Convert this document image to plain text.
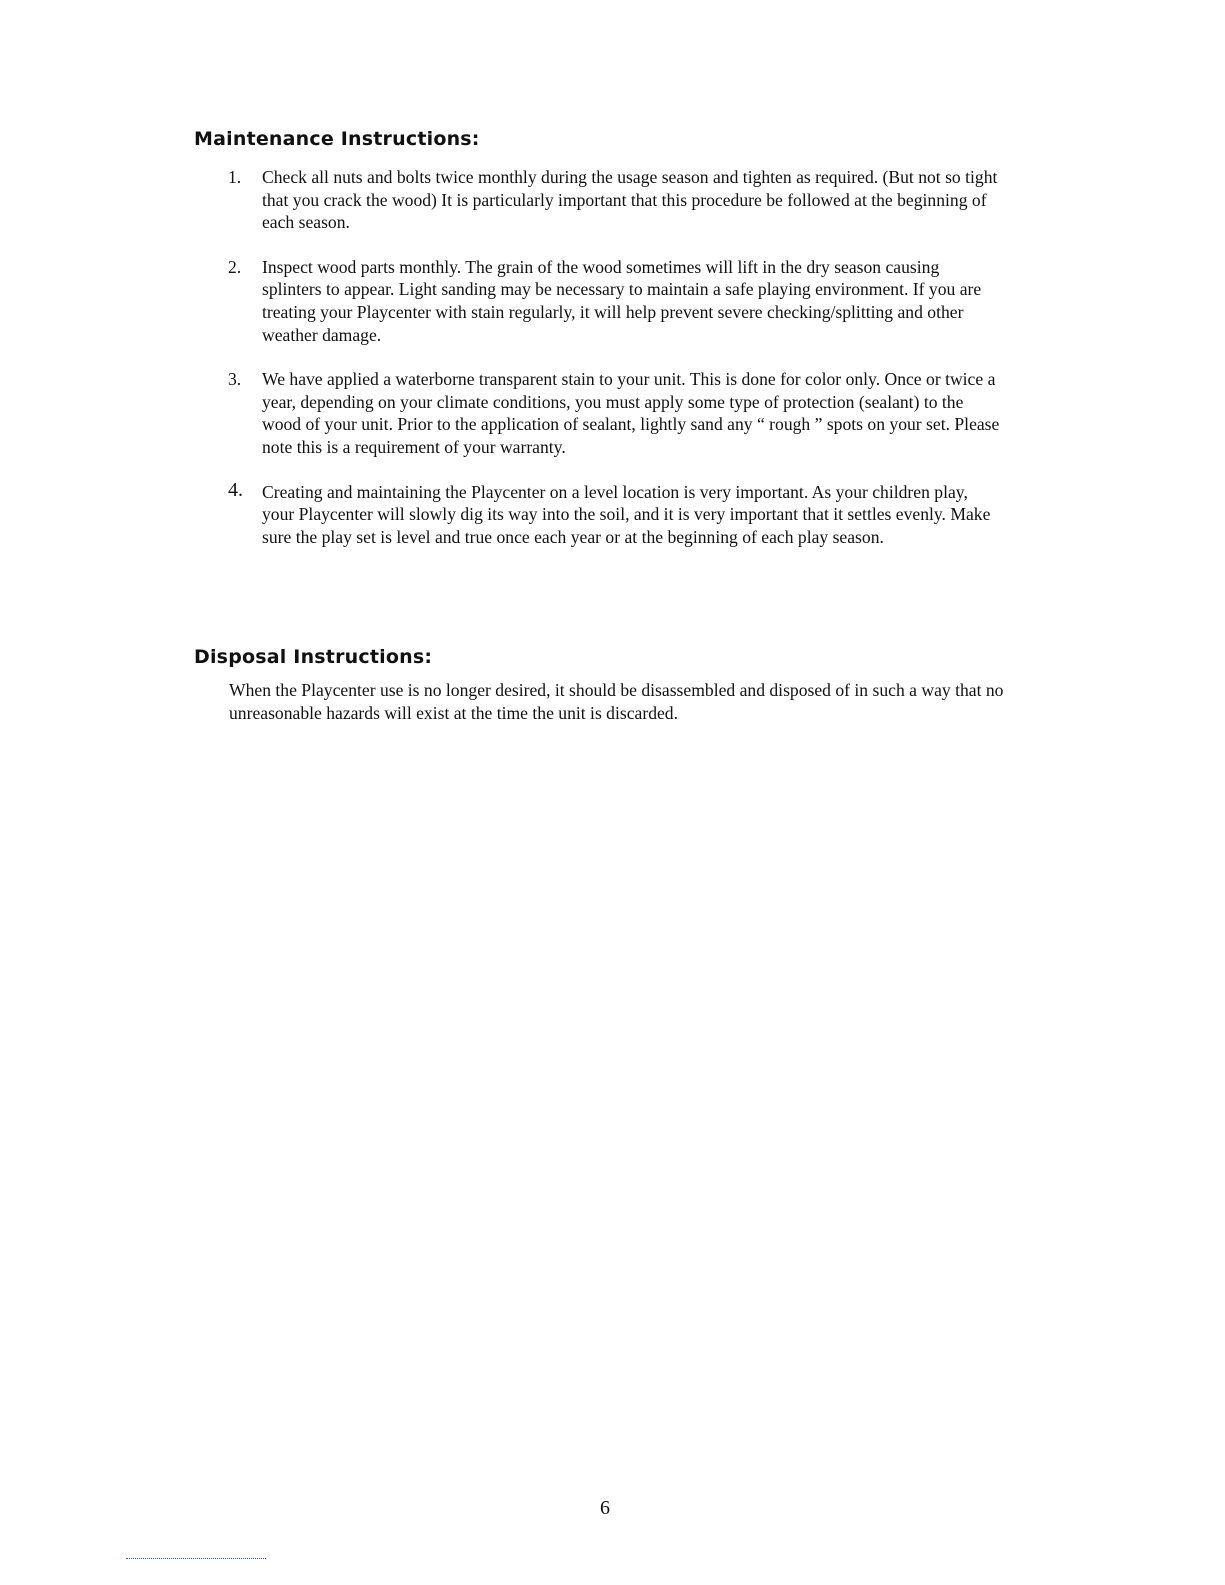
Maintenance Instructions:
1. Check all nuts and bolts twice monthly during the usage season and tighten as required. (But not so tight that you crack the wood) It is particularly important that this procedure be followed at the beginning of each season.
2. Inspect wood parts monthly. The grain of the wood sometimes will lift in the dry season causing splinters to appear. Light sanding may be necessary to maintain a safe playing environment. If you are treating your Playcenter with stain regularly, it will help prevent severe checking/splitting and other weather damage.
3. We have applied a waterborne transparent stain to your unit. This is done for color only. Once or twice a year, depending on your climate conditions, you must apply some type of protection (sealant) to the wood of your unit. Prior to the application of sealant, lightly sand any “ rough ” spots on your set. Please note this is a requirement of your warranty.
4. Creating and maintaining the Playcenter on a level location is very important. As your children play, your Playcenter will slowly dig its way into the soil, and it is very important that it settles evenly. Make sure the play set is level and true once each year or at the beginning of each play season.
Disposal Instructions:

When the Playcenter use is no longer desired, it should be disassembled and disposed of in such a way that no unreasonable hazards will exist at the time the unit is discarded.

6
